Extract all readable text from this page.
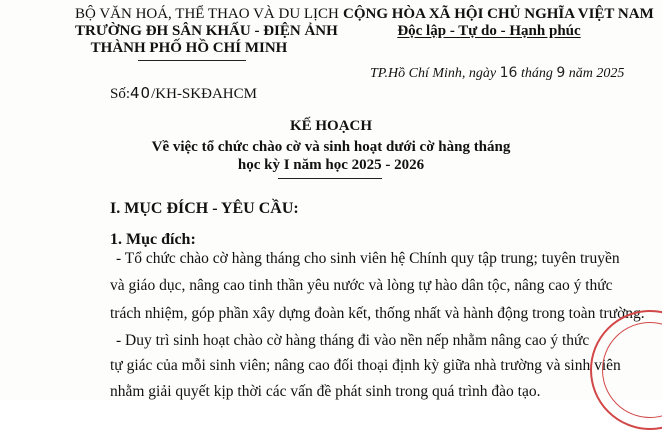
BỘ VĂN HOÁ, THỂ THAO VÀ DU LỊCH
TRƯỜNG ĐH SÂN KHẤU - ĐIỆN ẢNH
THÀNH PHỐ HỒ CHÍ MINH
Số:40/KH-SKĐAHCM
CỘNG HÒA XÃ HỘI CHỦ NGHĨA VIỆT NAM
Độc lập - Tự do - Hạnh phúc
TP.Hồ Chí Minh, ngày 16 tháng 9 năm 2025
KẾ HOẠCH
Về việc tổ chức chào cờ và sinh hoạt dưới cờ hàng tháng
học kỳ I năm học 2025 - 2026
I. MỤC ĐÍCH - YÊU CẦU:
1. Mục đích:
- Tổ chức chào cờ hàng tháng cho sinh viên hệ Chính quy tập trung; tuyên truyền
và giáo dục, nâng cao tinh thần yêu nước và lòng tự hào dân tộc, nâng cao ý thức
trách nhiệm, góp phần xây dựng đoàn kết, thống nhất và hành động trong toàn trường.
- Duy trì sinh hoạt chào cờ hàng tháng đi vào nền nếp nhằm nâng cao ý thức
tự giác của mỗi sinh viên; nâng cao đối thoại định kỳ giữa nhà trường và sinh viên
nhằm giải quyết kịp thời các vấn đề phát sinh trong quá trình đào tạo.
